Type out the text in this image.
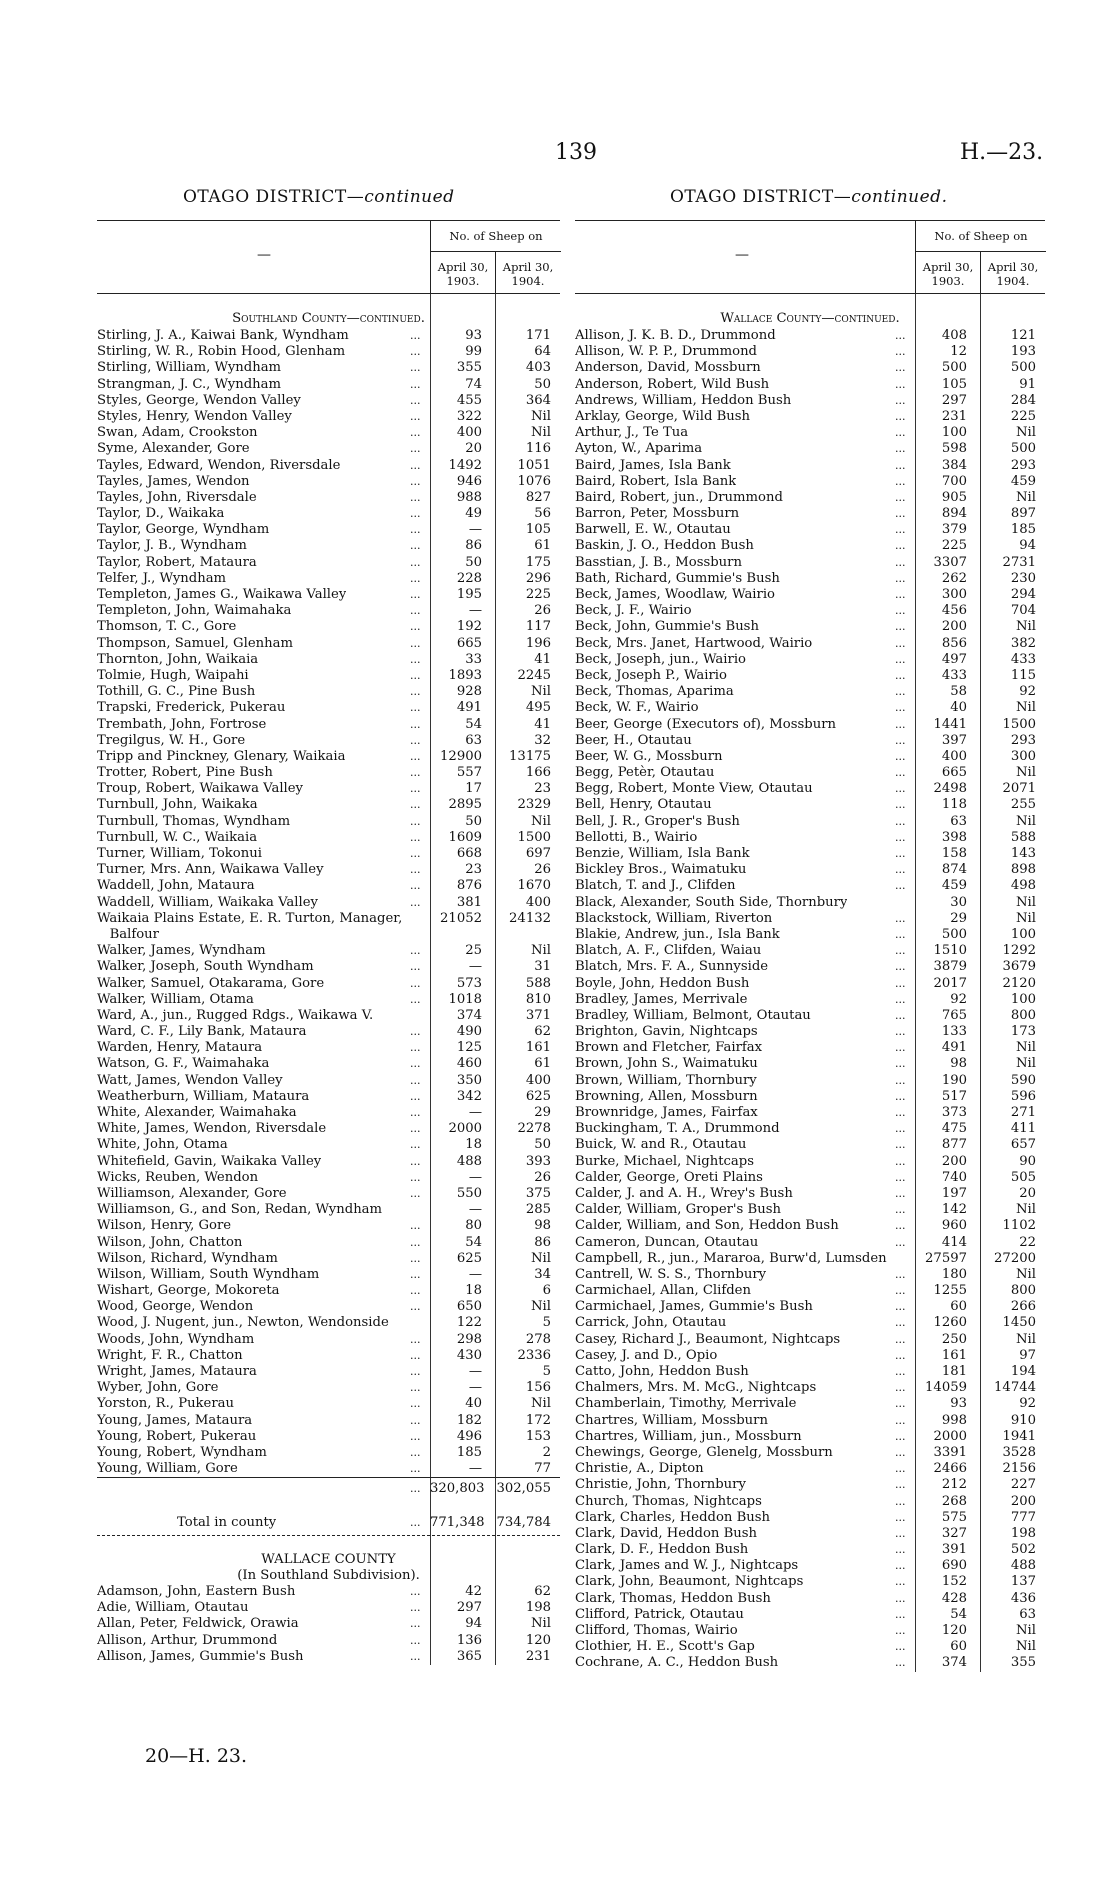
139	H.—23.
OTAGO DISTRICT—continued	OTAGO DISTRICT—continued.
—
No. of Sheep on
April 30, 1903.
April 30, 1904.
Southland County—continued.
Stirling, J. A., Kaiwai Bank, Wyndham	...	93	171
Stirling, W. R., Robin Hood, Glenham	...	99	64
Stirling, William, Wyndham	...	355	403
Strangman, J. C., Wyndham	...	74	50
Styles, George, Wendon Valley	...	455	364
Styles, Henry, Wendon Valley	...	322	Nil
Swan, Adam, Crookston	...	400	Nil
Syme, Alexander, Gore	...	20	116
Tayles, Edward, Wendon, Riversdale	...	1492	1051
Tayles, James, Wendon	...	946	1076
Tayles, John, Riversdale	...	988	827
Taylor, D., Waikaka	...	49	56
Taylor, George, Wyndham	...	—	105
Taylor, J. B., Wyndham	...	86	61
Taylor, Robert, Mataura	...	50	175
Telfer, J., Wyndham	...	228	296
Templeton, James G., Waikawa Valley	...	195	225
Templeton, John, Waimahaka	...	—	26
Thomson, T. C., Gore	...	192	117
Thompson, Samuel, Glenham	...	665	196
Thornton, John, Waikaia	...	33	41
Tolmie, Hugh, Waipahi	...	1893	2245
Tothill, G. C., Pine Bush	...	928	Nil
Trapski, Frederick, Pukerau	...	491	495
Trembath, John, Fortrose	...	54	41
Tregilgus, W. H., Gore	...	63	32
Tripp and Pinckney, Glenary, Waikaia	...	12900	13175
Trotter, Robert, Pine Bush	...	557	166
Troup, Robert, Waikawa Valley	...	17	23
Turnbull, John, Waikaka	...	2895	2329
Turnbull, Thomas, Wyndham	...	50	Nil
Turnbull, W. C., Waikaia	...	1609	1500
Turner, William, Tokonui	...	668	697
Turner, Mrs. Ann, Waikawa Valley	...	23	26
Waddell, John, Mataura	...	876	1670
Waddell, William, Waikaka Valley	...	381	400
Waikaia Plains Estate, E. R. Turton, Manager,	21052	24132
Balfour
Walker, James, Wyndham	...	25	Nil
Walker, Joseph, South Wyndham	...	—	31
Walker, Samuel, Otakarama, Gore	...	573	588
Walker, William, Otama	...	1018	810
Ward, A., jun., Rugged Rdgs., Waikawa V.	374	371
Ward, C. F., Lily Bank, Mataura	...	490	62
Warden, Henry, Mataura	...	125	161
Watson, G. F., Waimahaka	...	460	61
Watt, James, Wendon Valley	...	350	400
Weatherburn, William, Mataura	...	342	625
White, Alexander, Waimahaka	...	—	29
White, James, Wendon, Riversdale	...	2000	2278
White, John, Otama	...	18	50
Whitefield, Gavin, Waikaka Valley	...	488	393
Wicks, Reuben, Wendon	...	—	26
Williamson, Alexander, Gore	...	550	375
Williamson, G., and Son, Redan, Wyndham	—	285
Wilson, Henry, Gore	...	80	98
Wilson, John, Chatton	...	54	86
Wilson, Richard, Wyndham	...	625	Nil
Wilson, William, South Wyndham	...	—	34
Wishart, George, Mokoreta	...	18	6
Wood, George, Wendon	...	650	Nil
Wood, J. Nugent, jun., Newton, Wendonside	122	5
Woods, John, Wyndham	...	298	278
Wright, F. R., Chatton	...	430	2336
Wright, James, Mataura	...	—	5
Wyber, John, Gore	...	—	156
Yorston, R., Pukerau	...	40	Nil
Young, James, Mataura	...	182	172
Young, Robert, Pukerau	...	496	153
Young, Robert, Wyndham	...	185	2
Young, William, Gore	...	—	77
... 320,803 302,055
Total in county	... 771,348 734,784
WALLACE COUNTY
(In Southland Subdivision).
Adamson, John, Eastern Bush	...	42	62
Adie, William, Otautau	...	297	198
Allan, Peter, Feldwick, Orawia	...	94	Nil
Allison, Arthur, Drummond	...	136	120
Allison, James, Gummie's Bush	...	365	231
—
No. of Sheep on
April 30, 1903.
April 30, 1904.
Wallace County—continued.
Allison, J. K. B. D., Drummond	...	408	121
Allison, W. P. P., Drummond	...	12	193
Anderson, David, Mossburn	...	500	500
Anderson, Robert, Wild Bush	...	105	91
Andrews, William, Heddon Bush	...	297	284
Arklay, George, Wild Bush	...	231	225
Arthur, J., Te Tua	...	100	Nil
Ayton, W., Aparima	...	598	500
Baird, James, Isla Bank	...	384	293
Baird, Robert, Isla Bank	...	700	459
Baird, Robert, jun., Drummond	...	905	Nil
Barron, Peter, Mossburn	...	894	897
Barwell, E. W., Otautau	...	379	185
Baskin, J. O., Heddon Bush	...	225	94
Basstian, J. B., Mossburn	...	3307	2731
Bath, Richard, Gummie's Bush	...	262	230
Beck, James, Woodlaw, Wairio	...	300	294
Beck, J. F., Wairio	...	456	704
Beck, John, Gummie's Bush	...	200	Nil
Beck, Mrs. Janet, Hartwood, Wairio	...	856	382
Beck, Joseph, jun., Wairio	...	497	433
Beck, Joseph P., Wairio	...	433	115
Beck, Thomas, Aparima	...	58	92
Beck, W. F., Wairio	...	40	Nil
Beer, George (Executors of), Mossburn	...	1441	1500
Beer, H., Otautau	...	397	293
Beer, W. G., Mossburn	...	400	300
Begg, Petèr, Otautau	...	665	Nil
Begg, Robert, Monte View, Otautau	...	2498	2071
Bell, Henry, Otautau	...	118	255
Bell, J. R., Groper's Bush	...	63	Nil
Bellotti, B., Wairio	...	398	588
Benzie, William, Isla Bank	...	158	143
Bickley Bros., Waimatuku	...	874	898
Blatch, T. and J., Clifden	...	459	498
Black, Alexander, South Side, Thornbury	30	Nil
Blackstock, William, Riverton	...	29	Nil
Blakie, Andrew, jun., Isla Bank	...	500	100
Blatch, A. F., Clifden, Waiau	...	1510	1292
Blatch, Mrs. F. A., Sunnyside	...	3879	3679
Boyle, John, Heddon Bush	...	2017	2120
Bradley, James, Merrivale	...	92	100
Bradley, William, Belmont, Otautau	...	765	800
Brighton, Gavin, Nightcaps	...	133	173
Brown and Fletcher, Fairfax	...	491	Nil
Brown, John S., Waimatuku	...	98	Nil
Brown, William, Thornbury	...	190	590
Browning, Allen, Mossburn	...	517	596
Brownridge, James, Fairfax	...	373	271
Buckingham, T. A., Drummond	...	475	411
Buick, W. and R., Otautau	...	877	657
Burke, Michael, Nightcaps	...	200	90
Calder, George, Oreti Plains	...	740	505
Calder, J. and A. H., Wrey's Bush	...	197	20
Calder, William, Groper's Bush	...	142	Nil
Calder, William, and Son, Heddon Bush	...	960	1102
Cameron, Duncan, Otautau	...	414	22
Campbell, R., jun., Mararoa, Burw'd, Lumsden	27597	27200
Cantrell, W. S. S., Thornbury	...	180	Nil
Carmichael, Allan, Clifden	...	1255	800
Carmichael, James, Gummie's Bush	...	60	266
Carrick, John, Otautau	...	1260	1450
Casey, Richard J., Beaumont, Nightcaps	...	250	Nil
Casey, J. and D., Opio	...	161	97
Catto, John, Heddon Bush	...	181	194
Chalmers, Mrs. M. McG., Nightcaps	...	14059	14744
Chamberlain, Timothy, Merrivale	...	93	92
Chartres, William, Mossburn	...	998	910
Chartres, William, jun., Mossburn	...	2000	1941
Chewings, George, Glenelg, Mossburn	...	3391	3528
Christie, A., Dipton	...	2466	2156
Christie, John, Thornbury	...	212	227
Church, Thomas, Nightcaps	...	268	200
Clark, Charles, Heddon Bush	...	575	777
Clark, David, Heddon Bush	...	327	198
Clark, D. F., Heddon Bush	...	391	502
Clark, James and W. J., Nightcaps	...	690	488
Clark, John, Beaumont, Nightcaps	...	152	137
Clark, Thomas, Heddon Bush	...	428	436
Clifford, Patrick, Otautau	...	54	63
Clifford, Thomas, Wairio	...	120	Nil
Clothier, H. E., Scott's Gap	...	60	Nil
Cochrane, A. C., Heddon Bush	...	374	355
20—H. 23.
